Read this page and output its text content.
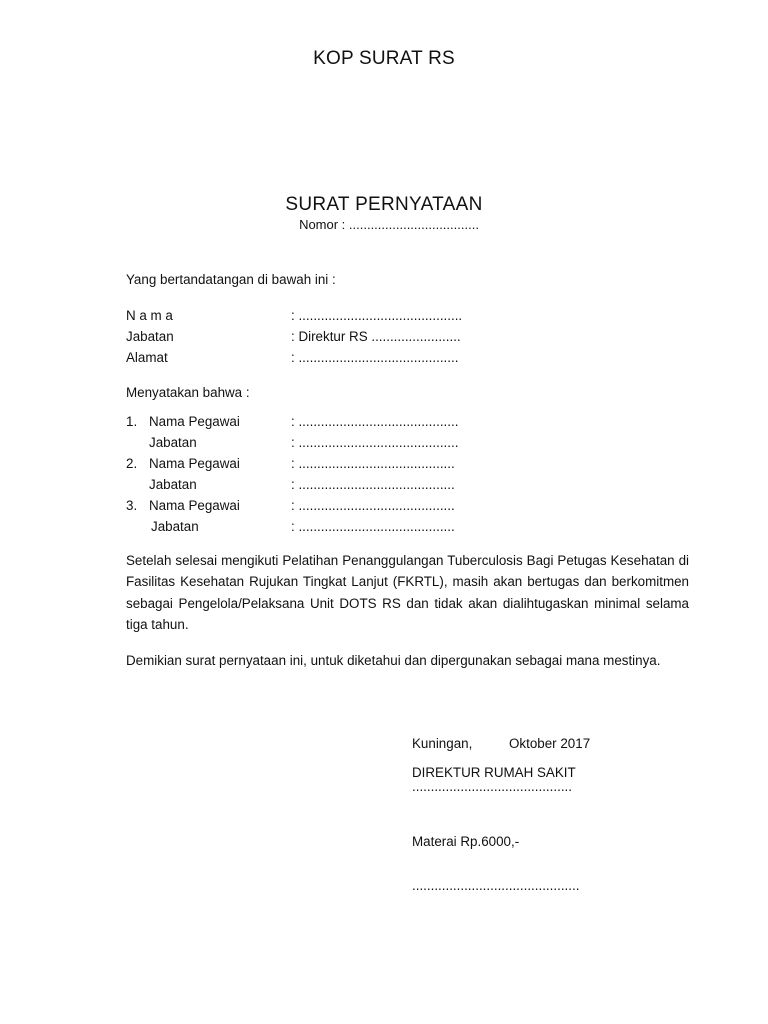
KOP SURAT RS
SURAT PERNYATAAN
Nomor : ....................................
Yang bertandatangan di bawah ini :
N a m a	: ............................................
Jabatan	: Direktur RS ........................
Alamat	: ...........................................
Menyatakan bahwa :
1. Nama Pegawai	: ...........................................
Jabatan	: ...........................................
2. Nama Pegawai	: ..........................................
Jabatan	: ..........................................
3. Nama Pegawai	: ..........................................
Jabatan	: ..........................................
Setelah selesai mengikuti Pelatihan Penanggulangan Tuberculosis Bagi Petugas Kesehatan di Fasilitas Kesehatan Rujukan Tingkat Lanjut (FKRTL), masih akan bertugas dan berkomitmen sebagai Pengelola/Pelaksana Unit DOTS RS dan tidak akan dialihtugaskan minimal selama tiga tahun.
Demikian surat pernyataan ini, untuk diketahui dan dipergunakan sebagai mana mestinya.
Kuningan,	Oktober 2017
DIREKTUR RUMAH SAKIT
...........................................
Materai Rp.6000,-
.............................................
